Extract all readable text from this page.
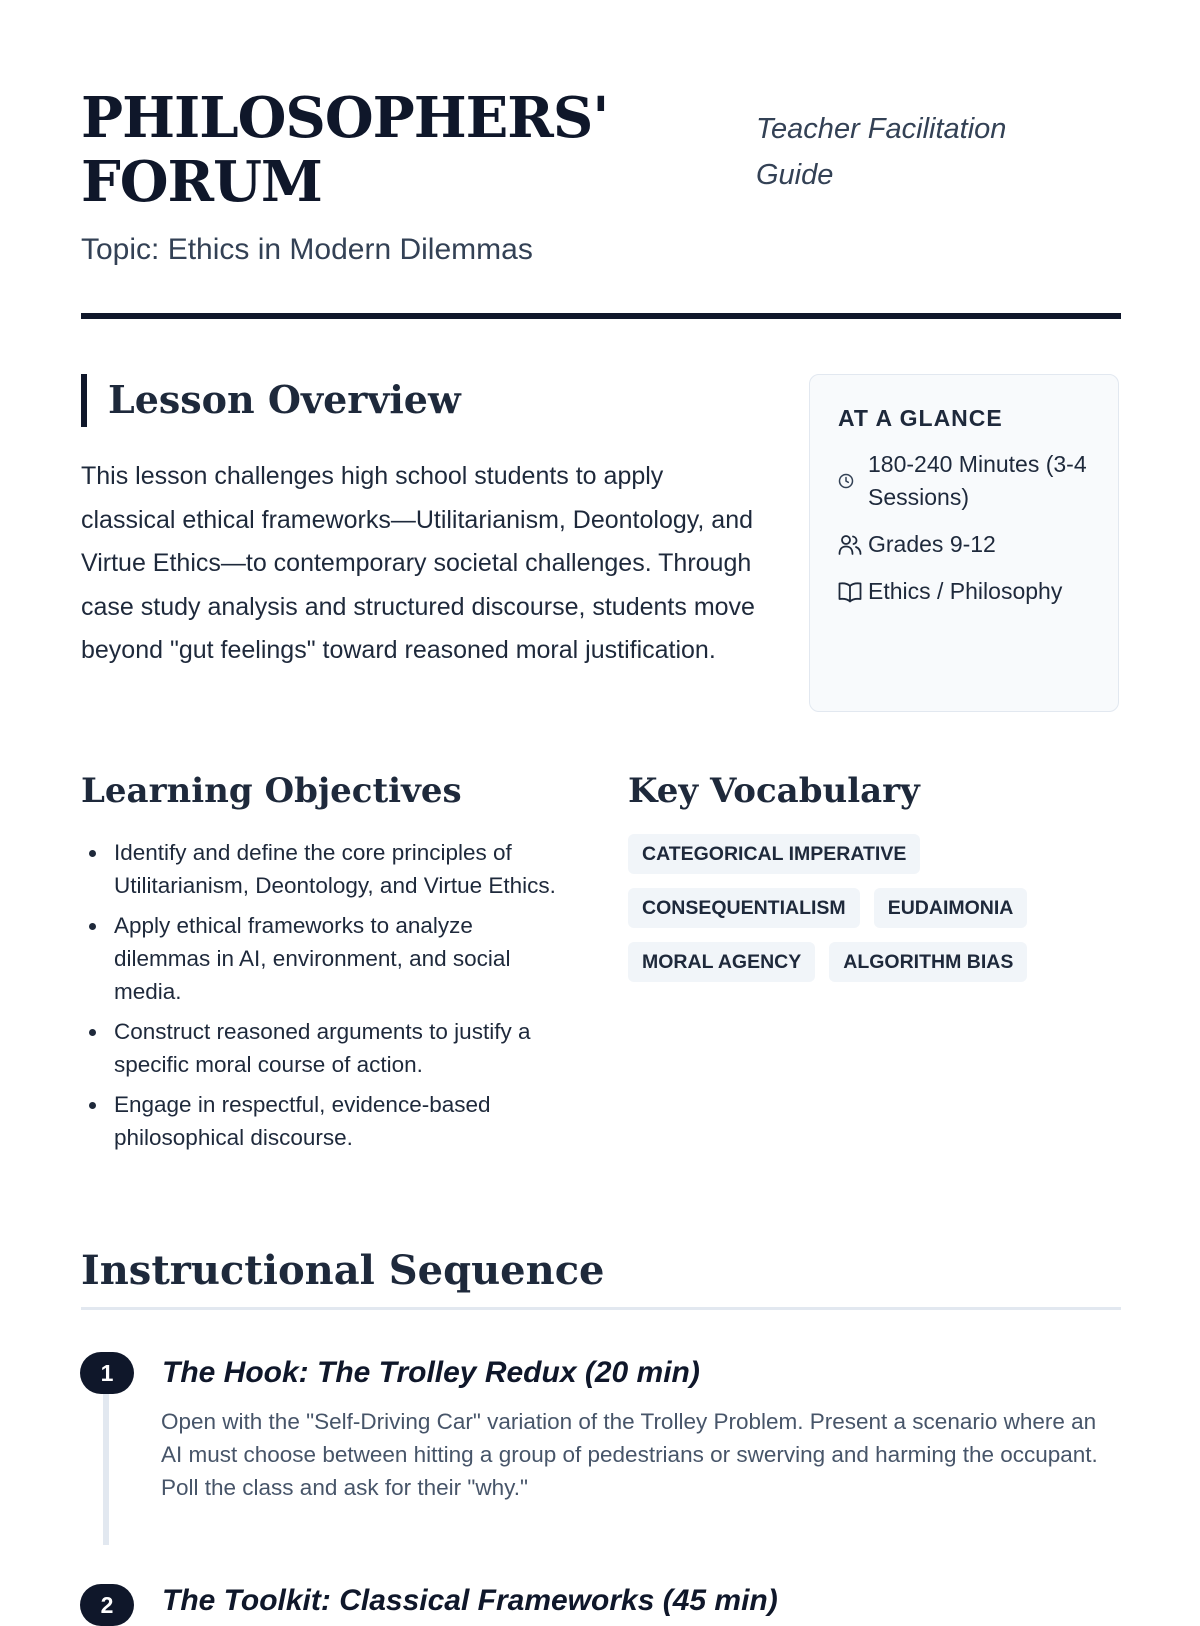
PHILOSOPHERS' FORUM

Topic: Ethics in Modern Dilemmas

Teacher Facilitation Guide

Lesson Overview

This lesson challenges high school students to apply classical ethical frameworks—Utilitarianism, Deontology, and Virtue Ethics—to contemporary societal challenges. Through case study analysis and structured discourse, students move beyond "gut feelings" toward reasoned moral justification.

AT A GLANCE

180-240 Minutes (3-4 Sessions)
Grades 9-12
Ethics / Philosophy
Learning Objectives
Identify and define the core principles of Utilitarianism, Deontology, and Virtue Ethics.
Apply ethical frameworks to analyze dilemmas in AI, environment, and social media.
Construct reasoned arguments to justify a specific moral course of action.
Engage in respectful, evidence-based philosophical discourse.
Key Vocabulary
CATEGORICAL IMPERATIVE
CONSEQUENTIALISM	EUDAIMONIA
MORAL AGENCY	ALGORITHM BIAS
Instructional Sequence
1	The Hook: The Trolley Redux (20 min)

Open with the "Self-Driving Car" variation of the Trolley Problem. Present a scenario where an AI must choose between hitting a group of pedestrians or swerving and harming the occupant. Poll the class and ask for their "why."

2	The Toolkit: Classical Frameworks (45 min)
